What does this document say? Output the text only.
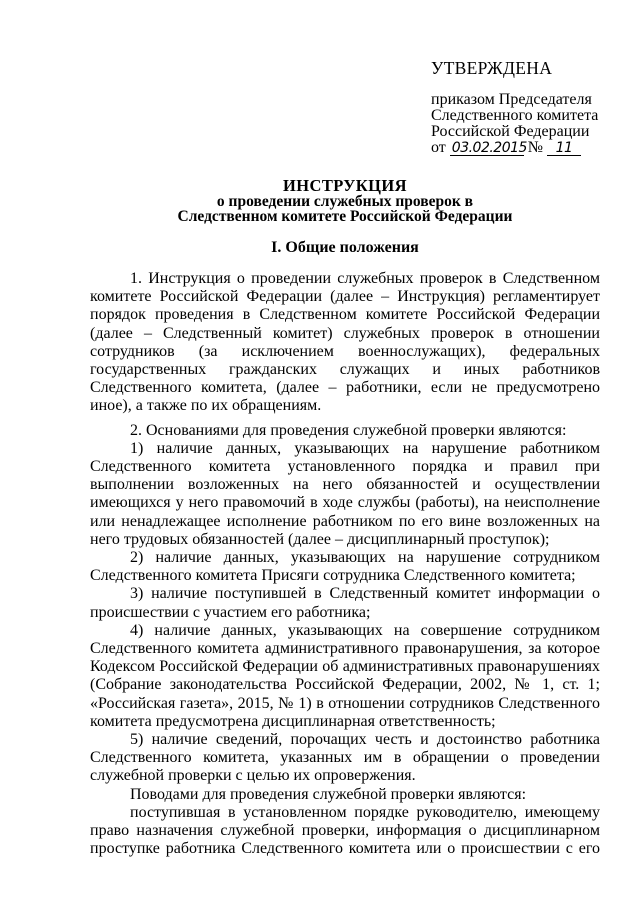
УТВЕРЖДЕНА
приказом Председателя
Следственного комитета
Российской Федерации
от 03.02.2015 № 11
ИНСТРУКЦИЯ
о проведении служебных проверок в
Следственном комитете Российской Федерации
I. Общие положения

1. Инструкция о проведении служебных проверок в Следственном комитете Российской Федерации (далее – Инструкция) регламентирует порядок проведения в Следственном комитете Российской Федерации (далее – Следственный комитет) служебных проверок в отношении сотрудников (за исключением военнослужащих), федеральных государственных гражданских служащих и иных работников Следственного комитета, (далее – работники, если не предусмотрено иное), а также по их обращениям.

2. Основаниями для проведения служебной проверки являются:

1) наличие данных, указывающих на нарушение работником Следственного комитета установленного порядка и правил при выполнении возложенных на него обязанностей и осуществлении имеющихся у него правомочий в ходе службы (работы), на неисполнение или ненадлежащее исполнение работником по его вине возложенных на него трудовых обязанностей (далее – дисциплинарный проступок);

2) наличие данных, указывающих на нарушение сотрудником Следственного комитета Присяги сотрудника Следственного комитета;

3) наличие поступившей в Следственный комитет информации о происшествии с участием его работника;

4) наличие данных, указывающих на совершение сотрудником Следственного комитета административного правонарушения, за которое Кодексом Российской Федерации об административных правонарушениях (Собрание законодательства Российской Федерации, 2002, № 1, ст. 1; «Российская газета», 2015, № 1) в отношении сотрудников Следственного комитета предусмотрена дисциплинарная ответственность;

5) наличие сведений, порочащих честь и достоинство работника Следственного комитета, указанных им в обращении о проведении служебной проверки с целью их опровержения.

Поводами для проведения служебной проверки являются:

поступившая в установленном порядке руководителю, имеющему право назначения служебной проверки, информация о дисциплинарном проступке работника Следственного комитета или о происшествии с его
